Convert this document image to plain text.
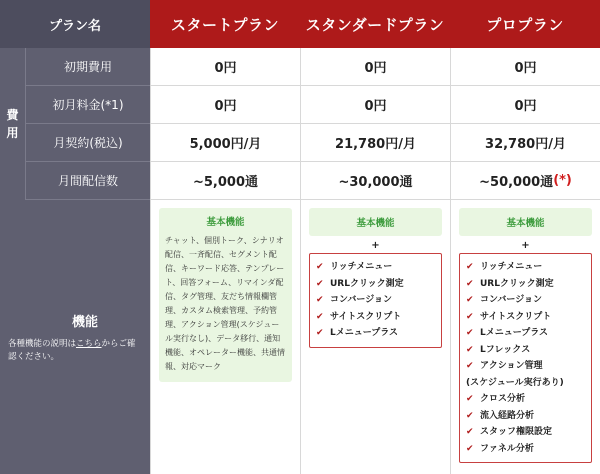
プラン名	スタートプラン	スタンダードプラン	プロプラン
費
用
初期費用	0円	0円	0円
初月料金(*1)	0円	0円	0円
月契約(税込)	5,000円/月	21,780円/月	32,780円/月
月間配信数	~5,000通	~30,000通	~50,000通 (*)
機能
各種機能の説明はこちらからご確認ください。
基本機能
チャット、個別トーク、シナリオ配信、一斉配信、セグメント配信、キーワード応答、テンプレート、回答フォーム、リマインダ配信、タグ管理、友だち情報欄管理、カスタム検索管理、予約管理、アクション管理(スケジュール実行なし)、データ移行、通知機能、オペレーター機能、共通情報、対応マーク
基本機能
+
✔ リッチメニュー
✔ URLクリック測定
✔ コンバージョン
✔ サイトスクリプト
✔ Lメニュープラス
基本機能
+
✔ リッチメニュー
✔ URLクリック測定
✔ コンバージョン
✔ サイトスクリプト
✔ Lメニュープラス
✔ Lフレックス
✔ アクション管理
(スケジュール実行あり)
✔ クロス分析
✔ 流入経路分析
✔ スタッフ権限設定
✔ ファネル分析
